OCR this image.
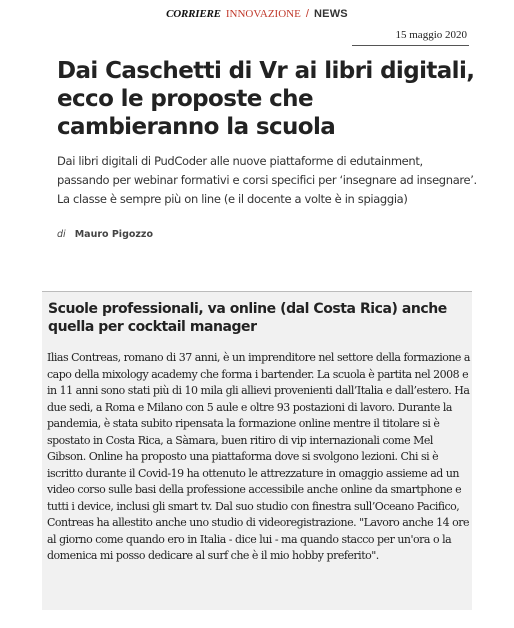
CORRIERE INNOVAZIONE / NEWS
15 maggio 2020
Dai Caschetti di Vr ai libri digitali, ecco le proposte che cambieranno la scuola

Dai libri digitali di PudCoder alle nuove piattaforme di edutainment, passando per webinar formativi e corsi specifici per ‘insegnare ad insegnare’. La classe è sempre più on line (e il docente a volte è in spiaggia)

di Mauro Pigozzo
Scuole professionali, va online (dal Costa Rica) anche quella per cocktail manager

Ilias Contreas, romano di 37 anni, è un imprenditore nel settore della formazione a capo della mixology academy che forma i bartender. La scuola è partita nel 2008 e in 11 anni sono stati più di 10 mila gli allievi provenienti dall’Italia e dall’estero. Ha due sedi, a Roma e Milano con 5 aule e oltre 93 postazioni di lavoro. Durante la pandemia, è stata subito ripensata la formazione online mentre il titolare si è spostato in Costa Rica, a Sàmara, buen ritiro di vip internazionali come Mel Gibson. Online ha proposto una piattaforma dove si svolgono lezioni. Chi si è iscritto durante il Covid-19 ha ottenuto le attrezzature in omaggio assieme ad un video corso sulle basi della professione accessibile anche online da smartphone e tutti i device, inclusi gli smart tv. Dal suo studio con finestra sull’Oceano Pacifico, Contreas ha allestito anche uno studio di videoregistrazione. "Lavoro anche 14 ore al giorno come quando ero in Italia - dice lui - ma quando stacco per un'ora o la domenica mi posso dedicare al surf che è il mio hobby preferito".
